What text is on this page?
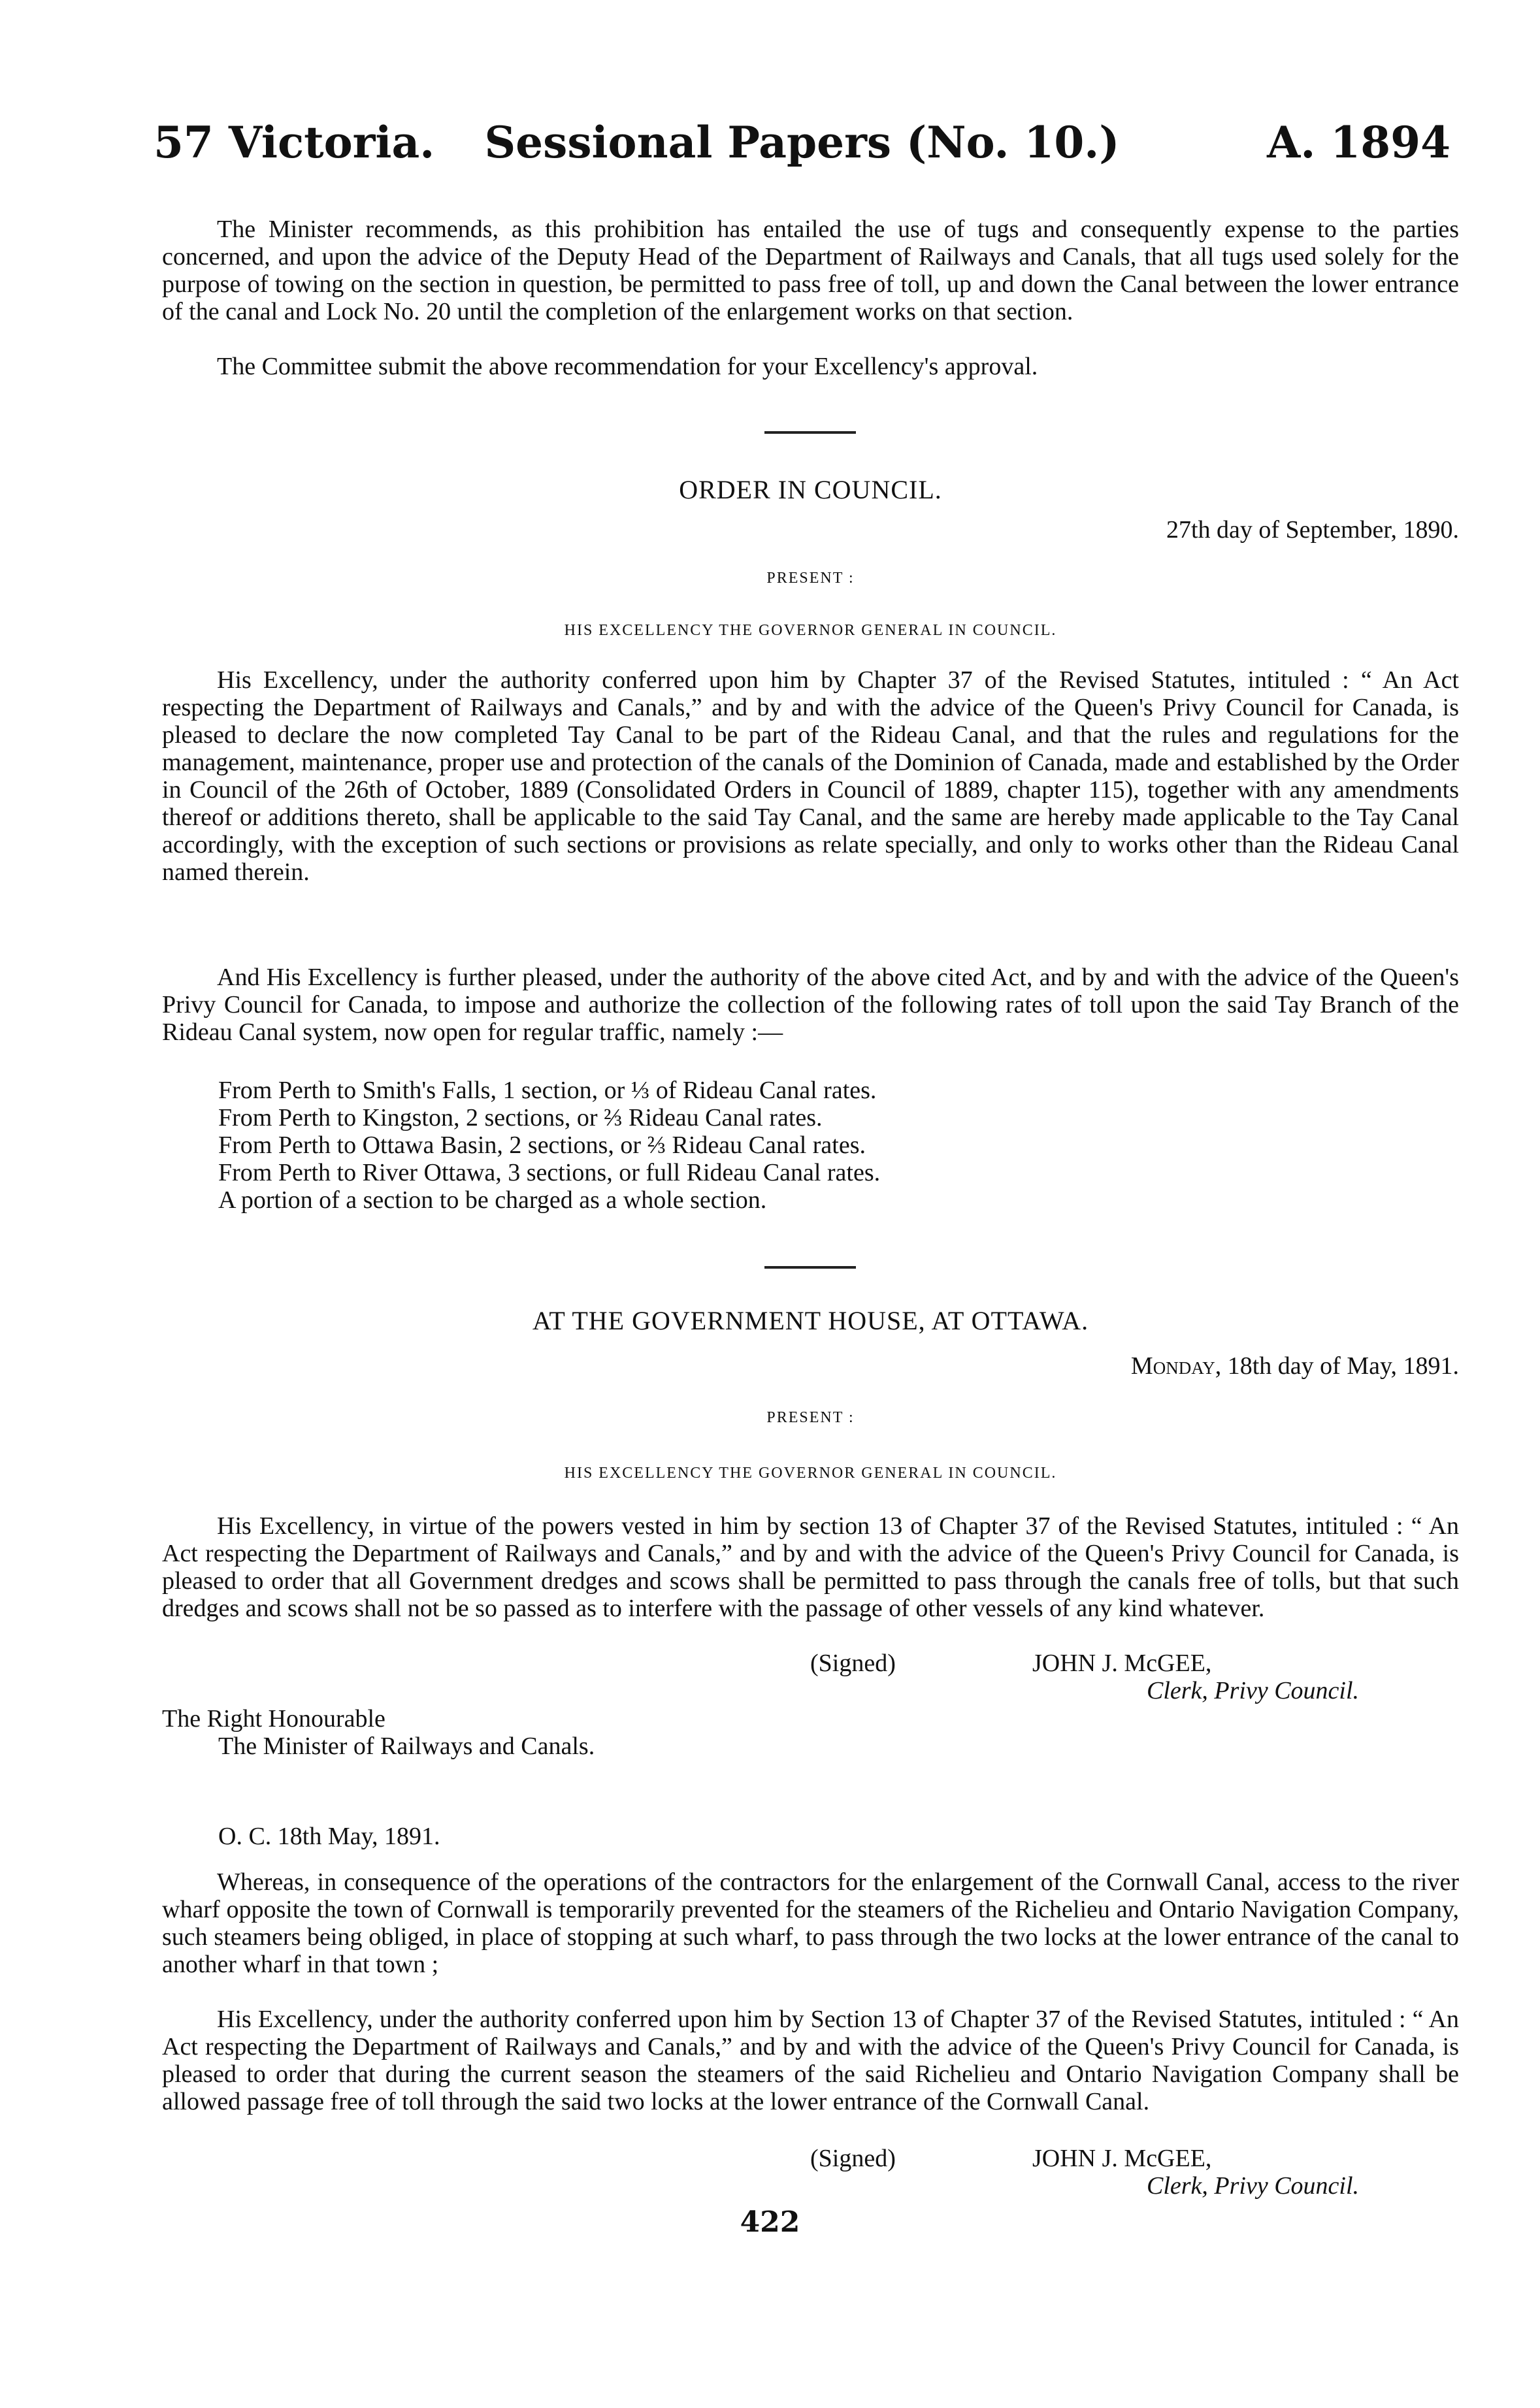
57 Victoria.	Sessional Papers (No. 10.)	A. 1894

The Minister recommends, as this prohibition has entailed the use of tugs and consequently expense to the parties concerned, and upon the advice of the Deputy Head of the Department of Railways and Canals, that all tugs used solely for the purpose of towing on the section in question, be permitted to pass free of toll, up and down the Canal between the lower entrance of the canal and Lock No. 20 until the completion of the enlargement works on that section.

The Committee submit the above recommendation for your Excellency's approval.

ORDER IN COUNCIL.

27th day of September, 1890.

PRESENT :

HIS EXCELLENCY THE GOVERNOR GENERAL IN COUNCIL.

His Excellency, under the authority conferred upon him by Chapter 37 of the Revised Statutes, intituled : “ An Act respecting the Department of Railways and Canals,” and by and with the advice of the Queen's Privy Council for Canada, is pleased to declare the now completed Tay Canal to be part of the Rideau Canal, and that the rules and regulations for the management, maintenance, proper use and protection of the canals of the Dominion of Canada, made and established by the Order in Council of the 26th of October, 1889 (Consolidated Orders in Council of 1889, chapter 115), together with any amendments thereof or additions thereto, shall be applicable to the said Tay Canal, and the same are hereby made applicable to the Tay Canal accordingly, with the exception of such sections or provisions as relate specially, and only to works other than the Rideau Canal named therein.

And His Excellency is further pleased, under the authority of the above cited Act, and by and with the advice of the Queen's Privy Council for Canada, to impose and authorize the collection of the following rates of toll upon the said Tay Branch of the Rideau Canal system, now open for regular traffic, namely :—

From Perth to Smith's Falls, 1 section, or ⅓ of Rideau Canal rates.

From Perth to Kingston, 2 sections, or ⅔ Rideau Canal rates.

From Perth to Ottawa Basin, 2 sections, or ⅔ Rideau Canal rates.

From Perth to River Ottawa, 3 sections, or full Rideau Canal rates.

A portion of a section to be charged as a whole section.

AT THE GOVERNMENT HOUSE, AT OTTAWA.

Monday, 18th day of May, 1891.

PRESENT :

HIS EXCELLENCY THE GOVERNOR GENERAL IN COUNCIL.

His Excellency, in virtue of the powers vested in him by section 13 of Chapter 37 of the Revised Statutes, intituled : “ An Act respecting the Department of Railways and Canals,” and by and with the advice of the Queen's Privy Council for Canada, is pleased to order that all Government dredges and scows shall be permitted to pass through the canals free of tolls, but that such dredges and scows shall not be so passed as to interfere with the passage of other vessels of any kind whatever.

(Signed)	JOHN J. McGEE,

Clerk, Privy Council.

The Right Honourable

The Minister of Railways and Canals.

O. C. 18th May, 1891.

Whereas, in consequence of the operations of the contractors for the enlargement of the Cornwall Canal, access to the river wharf opposite the town of Cornwall is temporarily prevented for the steamers of the Richelieu and Ontario Navigation Company, such steamers being obliged, in place of stopping at such wharf, to pass through the two locks at the lower entrance of the canal to another wharf in that town ;

His Excellency, under the authority conferred upon him by Section 13 of Chapter 37 of the Revised Statutes, intituled : “ An Act respecting the Department of Railways and Canals,” and by and with the advice of the Queen's Privy Council for Canada, is pleased to order that during the current season the steamers of the said Richelieu and Ontario Navigation Company shall be allowed passage free of toll through the said two locks at the lower entrance of the Cornwall Canal.

(Signed)	JOHN J. McGEE,

Clerk, Privy Council.

422
